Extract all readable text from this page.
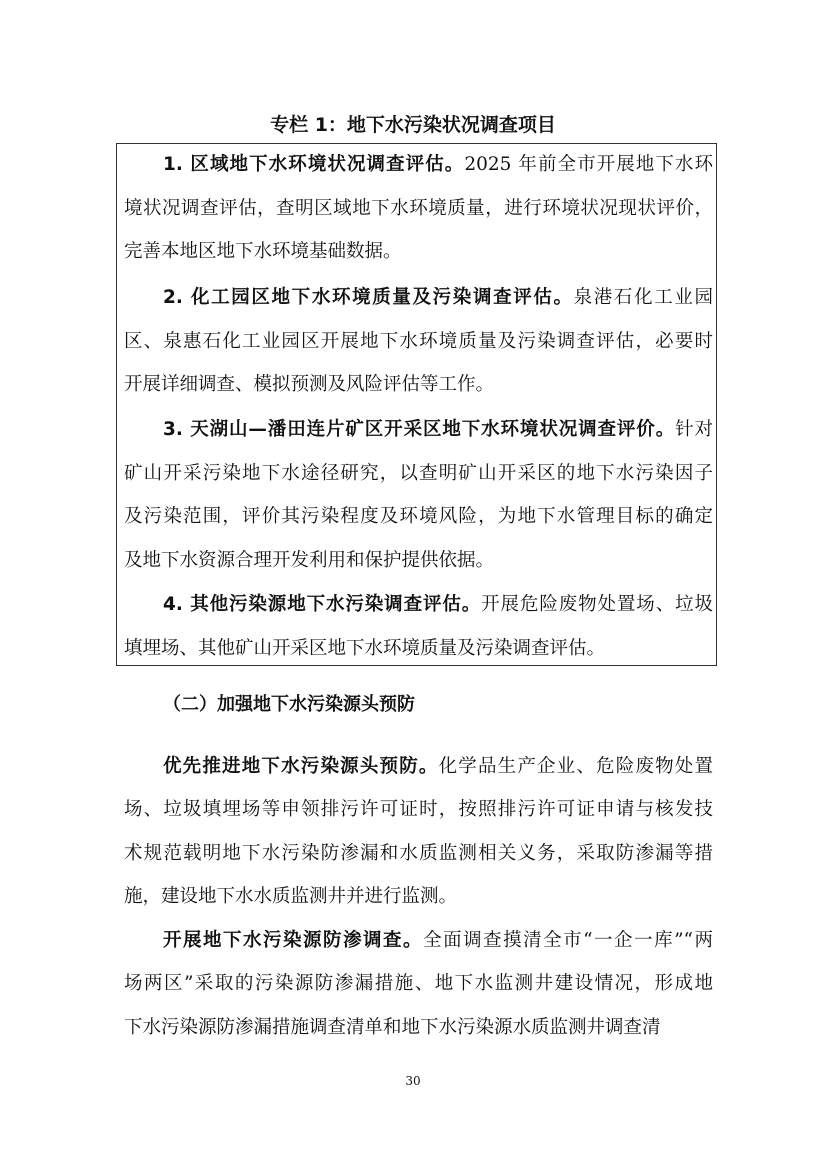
专栏 1：地下水污染状况调查项目
1. 区域地下水环境状况调查评估。2025 年前全市开展地下水环
境状况调查评估，查明区域地下水环境质量，进行环境状况现状评价，
完善本地区地下水环境基础数据。
2. 化工园区地下水环境质量及污染调查评估。泉港石化工业园
区、泉惠石化工业园区开展地下水环境质量及污染调查评估，必要时
开展详细调查、模拟预测及风险评估等工作。
3. 天湖山—潘田连片矿区开采区地下水环境状况调查评价。针对
矿山开采污染地下水途径研究，以查明矿山开采区的地下水污染因子
及污染范围，评价其污染程度及环境风险，为地下水管理目标的确定
及地下水资源合理开发利用和保护提供依据。
4. 其他污染源地下水污染调查评估。开展危险废物处置场、垃圾
填埋场、其他矿山开采区地下水环境质量及污染调查评估。
（二）加强地下水污染源头预防
优先推进地下水污染源头预防。化学品生产企业、危险废物处置
场、垃圾填埋场等申领排污许可证时，按照排污许可证申请与核发技
术规范载明地下水污染防渗漏和水质监测相关义务，采取防渗漏等措
施，建设地下水水质监测井并进行监测。
开展地下水污染源防渗调查。全面调查摸清全市“一企一库”“两
场两区”采取的污染源防渗漏措施、地下水监测井建设情况，形成地
下水污染源防渗漏措施调查清单和地下水污染源水质监测井调查清
30
